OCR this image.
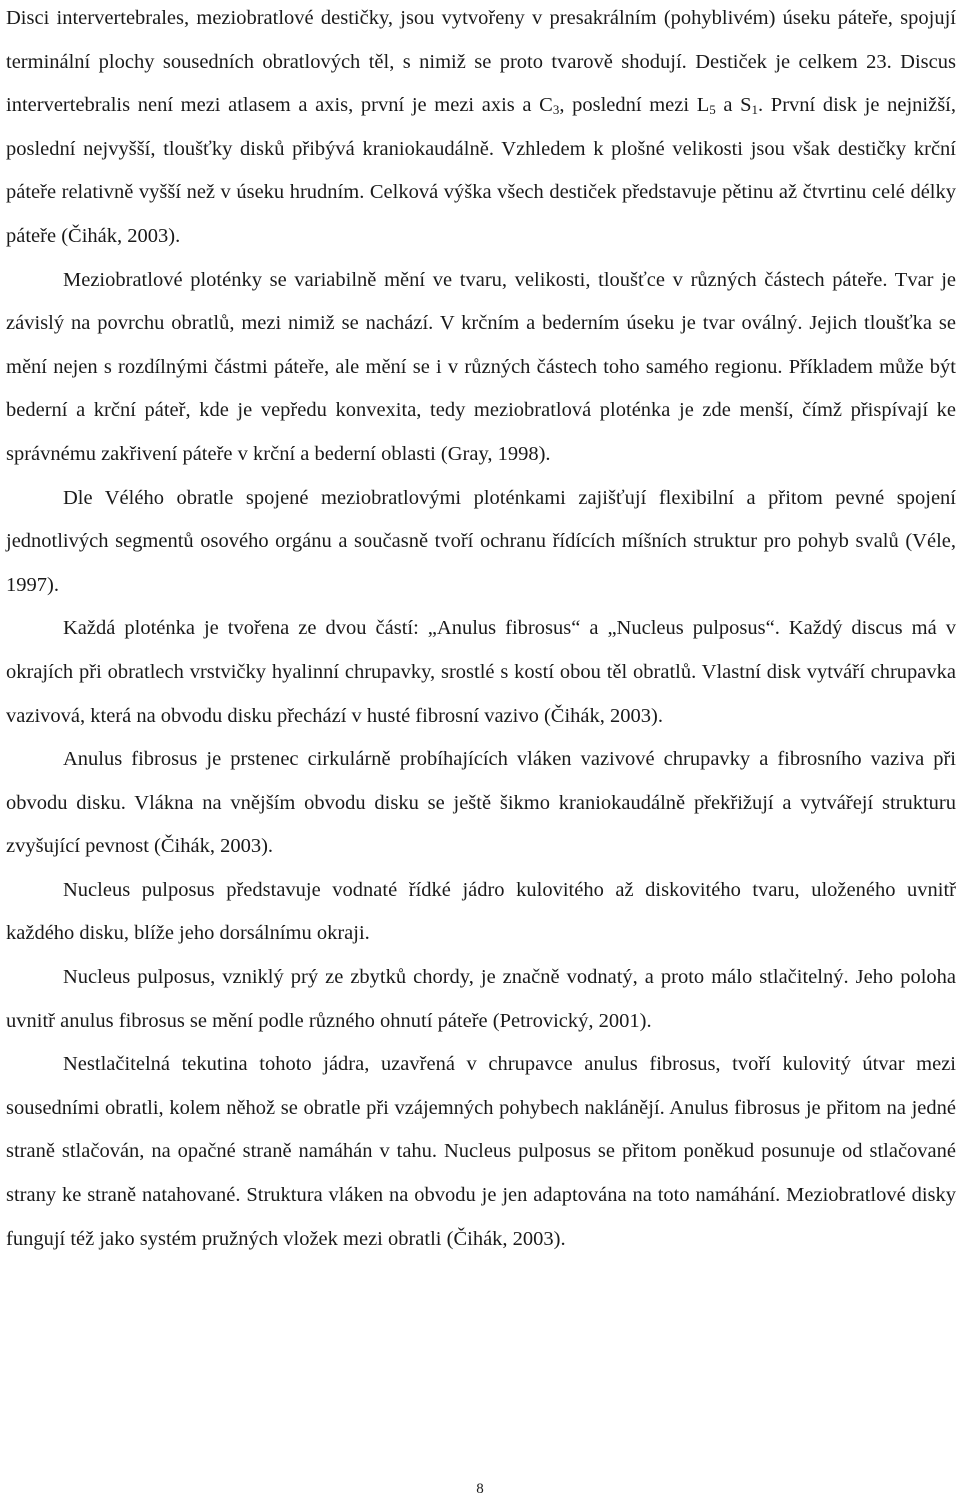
Disci intervertebrales, meziobratlové destičky, jsou vytvořeny v presakrálním (pohyblivém) úseku páteře, spojují terminální plochy sousedních obratlových těl, s nimiž se proto tvarově shodují. Destiček je celkem 23. Discus intervertebralis není mezi atlasem a axis, první je mezi axis a $C_3$, poslední mezi $L_5$ a $S_1$. První disk je nejnižší, poslední nejvyšší, tloušťky disků přibývá kraniokaudálně. Vzhledem k plošné velikosti jsou však destičky krční páteře relativně vyšší než v úseku hrudním. Celková výška všech destiček představuje pětinu až čtvrtinu celé délky páteře (Čihák, 2003).

Meziobratlové ploténky se variabilně mění ve tvaru, velikosti, tloušťce v různých částech páteře. Tvar je závislý na povrchu obratlů, mezi nimiž se nachází. V krčním a bederním úseku je tvar oválný. Jejich tloušťka se mění nejen s rozdílnými částmi páteře, ale mění se i v různých částech toho samého regionu. Příkladem může být bederní a krční páteř, kde je vepředu konvexita, tedy meziobratlová ploténka je zde menší, čímž přispívají ke správnému zakřivení páteře v krční a bederní oblasti (Gray, 1998).

Dle Vélého obratle spojené meziobratlovými ploténkami zajišťují flexibilní a přitom pevné spojení jednotlivých segmentů osového orgánu a současně tvoří ochranu řídících míšních struktur pro pohyb svalů (Véle, 1997).

Každá ploténka je tvořena ze dvou částí: „Anulus fibrosus“ a „Nucleus pulposus“. Každý discus má v okrajích při obratlech vrstvičky hyalinní chrupavky, srostlé s kostí obou těl obratlů. Vlastní disk vytváří chrupavka vazivová, která na obvodu disku přechází v husté fibrosní vazivo (Čihák, 2003).

Anulus fibrosus je prstenec cirkulárně probíhajících vláken vazivové chrupavky a fibrosního vaziva při obvodu disku. Vlákna na vnějším obvodu disku se ještě šikmo kraniokaudálně překřižují a vytvářejí strukturu zvyšující pevnost (Čihák, 2003).

Nucleus pulposus představuje vodnaté řídké jádro kulovitého až diskovitého tvaru, uloženého uvnitř každého disku, blíže jeho dorsálnímu okraji.

Nucleus pulposus, vzniklý prý ze zbytků chordy, je značně vodnatý, a proto málo stlačitelný. Jeho poloha uvnitř anulus fibrosus se mění podle různého ohnutí páteře (Petrovický, 2001).

Nestlačitelná tekutina tohoto jádra, uzavřená v chrupavce anulus fibrosus, tvoří kulovitý útvar mezi sousedními obratli, kolem něhož se obratle při vzájemných pohybech naklánějí. Anulus fibrosus je přitom na jedné straně stlačován, na opačné straně namáhán v tahu. Nucleus pulposus se přitom poněkud posunuje od stlačované strany ke straně natahované. Struktura vláken na obvodu je jen adaptována na toto namáhání. Meziobratlové disky fungují též jako systém pružných vložek mezi obratli (Čihák, 2003).

8
